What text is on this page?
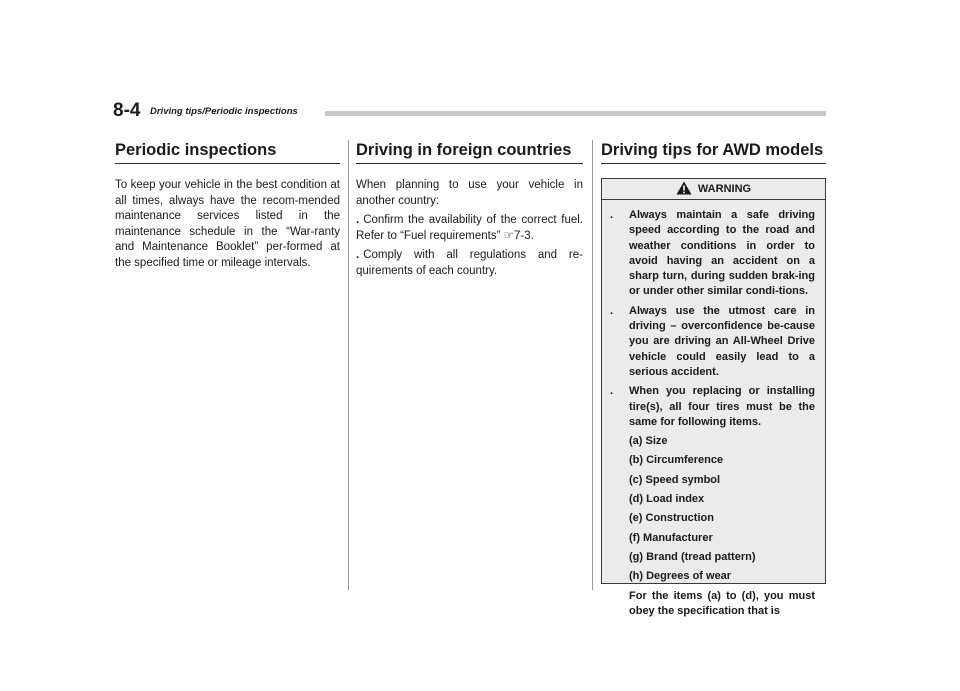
8-4 Driving tips/Periodic inspections
Periodic inspections

To keep your vehicle in the best condition at all times, always have the recom-mended maintenance services listed in the maintenance schedule in the “War-ranty and Maintenance Booklet” per-formed at the specified time or mileage intervals.

Driving in foreign countries

When planning to use your vehicle in another country:

. Confirm the availability of the correct fuel. Refer to “Fuel requirements” ☞7-3.

. Comply with all regulations and re-quirements of each country.

Driving tips for AWD models
WARNING
. Always maintain a safe driving speed according to the road and weather conditions in order to avoid having an accident on a sharp turn, during sudden brak-ing or under other similar condi-tions.
. Always use the utmost care in driving – overconfidence be-cause you are driving an All-Wheel Drive vehicle could easily lead to a serious accident.
. When you replacing or installing tire(s), all four tires must be the same for following items.
(a) Size
(b) Circumference
(c) Speed symbol
(d) Load index
(e) Construction
(f) Manufacturer
(g) Brand (tread pattern)
(h) Degrees of wear
For the items (a) to (d), you must obey the specification that is
